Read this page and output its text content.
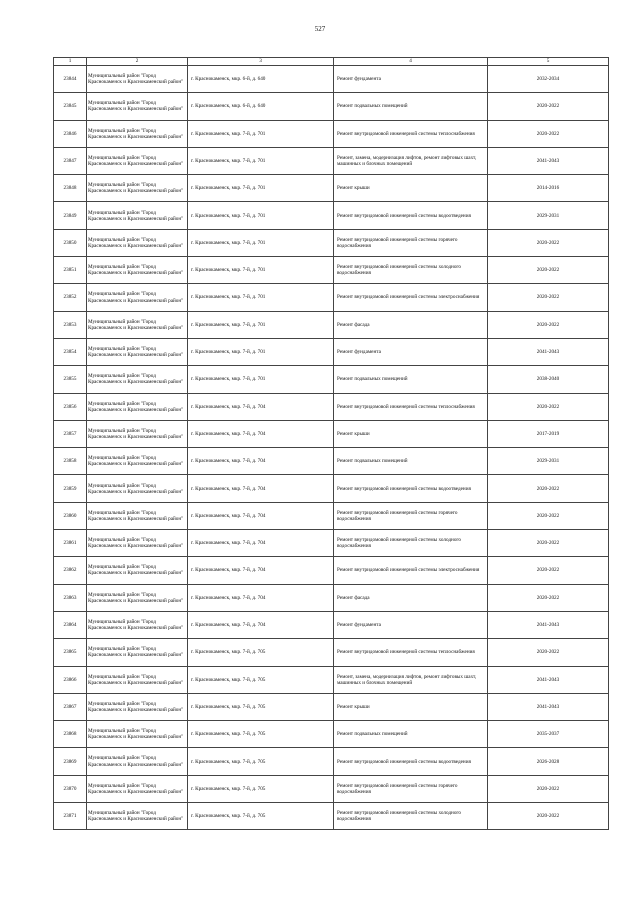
527
1	2	3	4	5
23844	Муниципальный район "Город Краснокаменск и Краснокаменский район"	г. Краснокаменск, мкр. 6-й, д. 640	Ремонт фундамента	2032-2034
23845	Муниципальный район "Город Краснокаменск и Краснокаменский район"	г. Краснокаменск, мкр. 6-й, д. 640	Ремонт подвальных помещений	2020-2022
23846	Муниципальный район "Город Краснокаменск и Краснокаменский район"	г. Краснокаменск, мкр. 7-й, д. 701	Ремонт внутридомовой инженерной системы теплоснабжения	2020-2022
23847	Муниципальный район "Город Краснокаменск и Краснокаменский район"	г. Краснокаменск, мкр. 7-й, д. 701	Ремонт, замена, модернизация лифтов, ремонт лифтовых шахт, машинных и блочных помещений	2041-2043
23848	Муниципальный район "Город Краснокаменск и Краснокаменский район"	г. Краснокаменск, мкр. 7-й, д. 701	Ремонт крыши	2014-2016
23849	Муниципальный район "Город Краснокаменск и Краснокаменский район"	г. Краснокаменск, мкр. 7-й, д. 701	Ремонт внутридомовой инженерной системы водоотведения	2029-2031
23850	Муниципальный район "Город Краснокаменск и Краснокаменский район"	г. Краснокаменск, мкр. 7-й, д. 701	Ремонт внутридомовой инженерной системы горячего водоснабжения	2020-2022
23851	Муниципальный район "Город Краснокаменск и Краснокаменский район"	г. Краснокаменск, мкр. 7-й, д. 701	Ремонт внутридомовой инженерной системы холодного водоснабжения	2020-2022
23852	Муниципальный район "Город Краснокаменск и Краснокаменский район"	г. Краснокаменск, мкр. 7-й, д. 701	Ремонт внутридомовой инженерной системы электроснабжения	2020-2022
23853	Муниципальный район "Город Краснокаменск и Краснокаменский район"	г. Краснокаменск, мкр. 7-й, д. 701	Ремонт фасада	2020-2022
23854	Муниципальный район "Город Краснокаменск и Краснокаменский район"	г. Краснокаменск, мкр. 7-й, д. 701	Ремонт фундамента	2041-2043
23855	Муниципальный район "Город Краснокаменск и Краснокаменский район"	г. Краснокаменск, мкр. 7-й, д. 701	Ремонт подвальных помещений	2038-2040
23856	Муниципальный район "Город Краснокаменск и Краснокаменский район"	г. Краснокаменск, мкр. 7-й, д. 704	Ремонт внутридомовой инженерной системы теплоснабжения	2020-2022
23857	Муниципальный район "Город Краснокаменск и Краснокаменский район"	г. Краснокаменск, мкр. 7-й, д. 704	Ремонт крыши	2017-2019
23858	Муниципальный район "Город Краснокаменск и Краснокаменский район"	г. Краснокаменск, мкр. 7-й, д. 704	Ремонт подвальных помещений	2029-2031
23859	Муниципальный район "Город Краснокаменск и Краснокаменский район"	г. Краснокаменск, мкр. 7-й, д. 704	Ремонт внутридомовой инженерной системы водоотведения	2020-2022
23860	Муниципальный район "Город Краснокаменск и Краснокаменский район"	г. Краснокаменск, мкр. 7-й, д. 704	Ремонт внутридомовой инженерной системы горячего водоснабжения	2020-2022
23861	Муниципальный район "Город Краснокаменск и Краснокаменский район"	г. Краснокаменск, мкр. 7-й, д. 704	Ремонт внутридомовой инженерной системы холодного водоснабжения	2020-2022
23862	Муниципальный район "Город Краснокаменск и Краснокаменский район"	г. Краснокаменск, мкр. 7-й, д. 704	Ремонт внутридомовой инженерной системы электроснабжения	2020-2022
23863	Муниципальный район "Город Краснокаменск и Краснокаменский район"	г. Краснокаменск, мкр. 7-й, д. 704	Ремонт фасада	2020-2022
23864	Муниципальный район "Город Краснокаменск и Краснокаменский район"	г. Краснокаменск, мкр. 7-й, д. 704	Ремонт фундамента	2041-2043
23865	Муниципальный район "Город Краснокаменск и Краснокаменский район"	г. Краснокаменск, мкр. 7-й, д. 705	Ремонт внутридомовой инженерной системы теплоснабжения	2020-2022
23866	Муниципальный район "Город Краснокаменск и Краснокаменский район"	г. Краснокаменск, мкр. 7-й, д. 705	Ремонт, замена, модернизация лифтов, ремонт лифтовых шахт, машинных и блочных помещений	2041-2043
23867	Муниципальный район "Город Краснокаменск и Краснокаменский район"	г. Краснокаменск, мкр. 7-й, д. 705	Ремонт крыши	2041-2043
23868	Муниципальный район "Город Краснокаменск и Краснокаменский район"	г. Краснокаменск, мкр. 7-й, д. 705	Ремонт подвальных помещений	2035-2037
23869	Муниципальный район "Город Краснокаменск и Краснокаменский район"	г. Краснокаменск, мкр. 7-й, д. 705	Ремонт внутридомовой инженерной системы водоотведения	2026-2028
23870	Муниципальный район "Город Краснокаменск и Краснокаменский район"	г. Краснокаменск, мкр. 7-й, д. 705	Ремонт внутридомовой инженерной системы горячего водоснабжения	2020-2022
23871	Муниципальный район "Город Краснокаменск и Краснокаменский район"	г. Краснокаменск, мкр. 7-й, д. 705	Ремонт внутридомовой инженерной системы холодного водоснабжения	2020-2022
